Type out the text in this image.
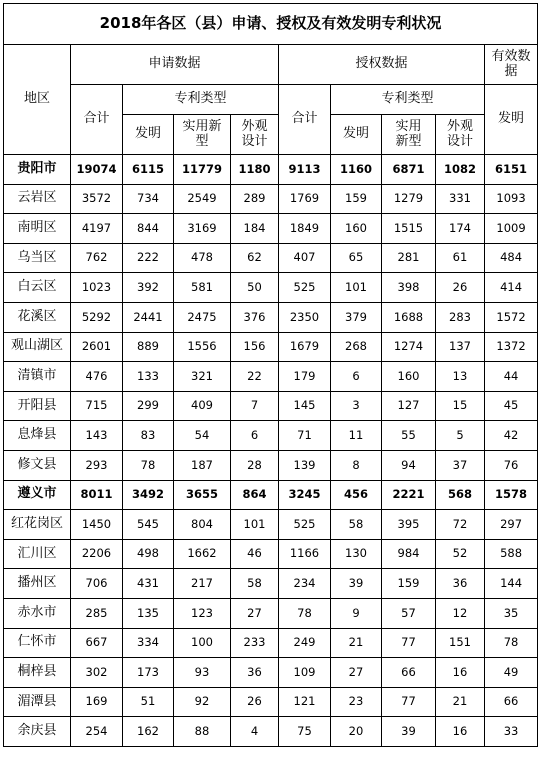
2018年各区（县）申请、授权及有效发明专利状况									
地区	申请数据				授权数据				有效数据
	合计	专利类型			合计	专利类型			发明
		发明	实用新型	外观设计		发明	实用新型	外观设计	
贵阳市	19074	6115	11779	1180	9113	1160	6871	1082	6151
云岩区	3572	734	2549	289	1769	159	1279	331	1093
南明区	4197	844	3169	184	1849	160	1515	174	1009
乌当区	762	222	478	62	407	65	281	61	484
白云区	1023	392	581	50	525	101	398	26	414
花溪区	5292	2441	2475	376	2350	379	1688	283	1572
观山湖区	2601	889	1556	156	1679	268	1274	137	1372
清镇市	476	133	321	22	179	6	160	13	44
开阳县	715	299	409	7	145	3	127	15	45
息烽县	143	83	54	6	71	11	55	5	42
修文县	293	78	187	28	139	8	94	37	76
遵义市	8011	3492	3655	864	3245	456	2221	568	1578
红花岗区	1450	545	804	101	525	58	395	72	297
汇川区	2206	498	1662	46	1166	130	984	52	588
播州区	706	431	217	58	234	39	159	36	144
赤水市	285	135	123	27	78	9	57	12	35
仁怀市	667	334	100	233	249	21	77	151	78
桐梓县	302	173	93	36	109	27	66	16	49
湄潭县	169	51	92	26	121	23	77	21	66
余庆县	254	162	88	4	75	20	39	16	33
